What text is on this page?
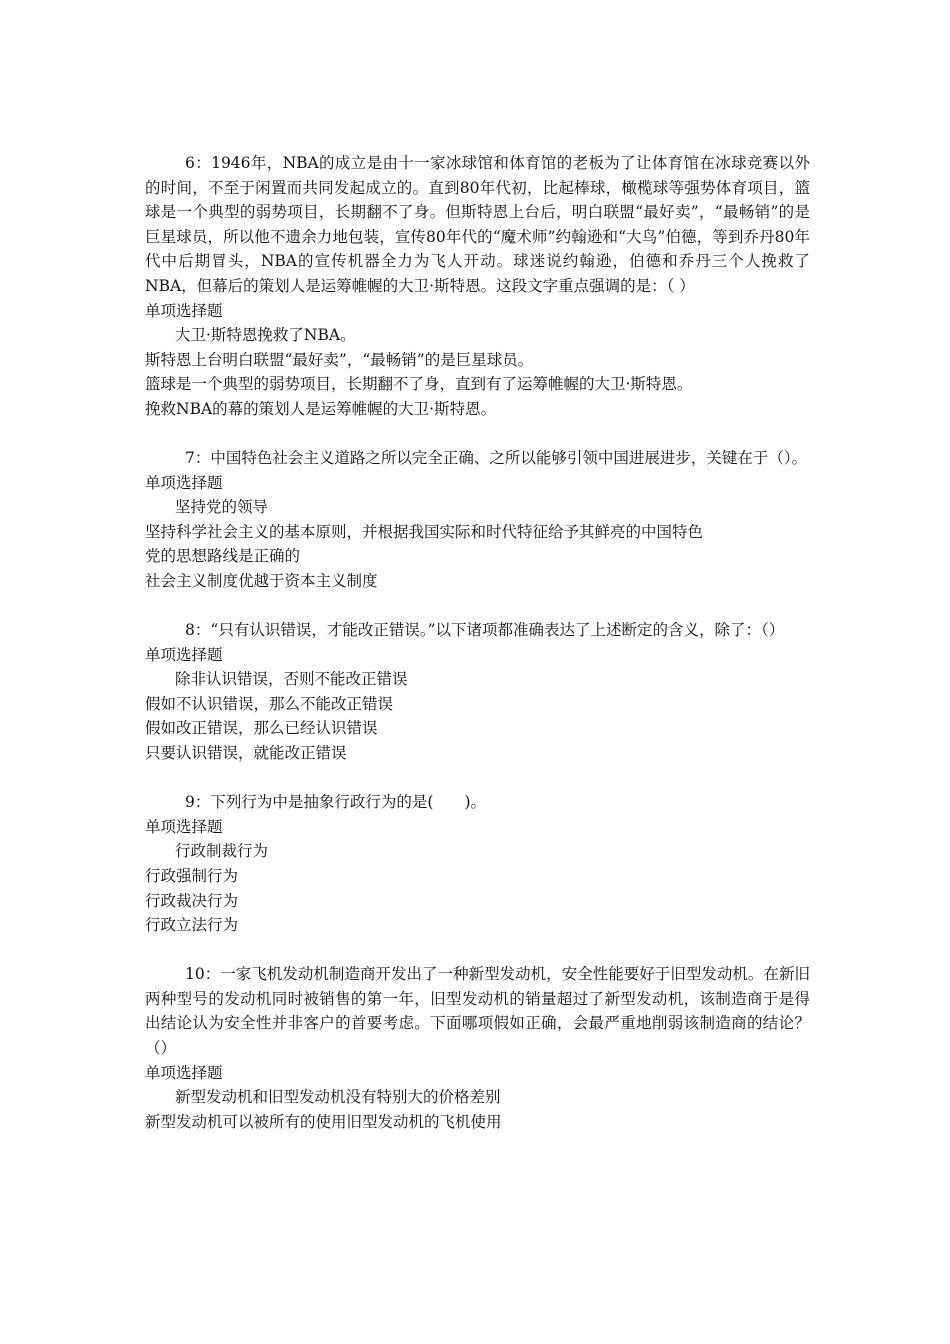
6：1946年，NBA的成立是由十一家冰球馆和体育馆的老板为了让体育馆在冰球竞赛以外的时间，不至于闲置而共同发起成立的。直到80年代初，比起棒球，橄榄球等强势体育项目，篮球是一个典型的弱势项目，长期翻不了身。但斯特恩上台后，明白联盟“最好卖”，“最畅销”的是巨星球员，所以他不遗余力地包装，宣传80年代的“魔术师”约翰逊和“大鸟”伯德，等到乔丹80年代中后期冒头，NBA的宣传机器全力为飞人开动。球迷说约翰逊，伯德和乔丹三个人挽救了NBA，但幕后的策划人是运筹帷幄的大卫·斯特恩。这段文字重点强调的是：（ ）
单项选择题
大卫·斯特恩挽救了NBA。
斯特恩上台明白联盟“最好卖”，“最畅销”的是巨星球员。
篮球是一个典型的弱势项目，长期翻不了身，直到有了运筹帷幄的大卫·斯特恩。
挽救NBA的幕的策划人是运筹帷幄的大卫·斯特恩。
7：中国特色社会主义道路之所以完全正确、之所以能够引领中国进展进步，关键在于（）。
单项选择题
坚持党的领导
坚持科学社会主义的基本原则，并根据我国实际和时代特征给予其鲜亮的中国特色
党的思想路线是正确的
社会主义制度优越于资本主义制度
8：“只有认识错误，才能改正错误。”以下诸项都准确表达了上述断定的含义，除了：（）
单项选择题
除非认识错误，否则不能改正错误
假如不认识错误，那么不能改正错误
假如改正错误，那么已经认识错误
只要认识错误，就能改正错误
9：下列行为中是抽象行政行为的是(　　)。
单项选择题
行政制裁行为
行政强制行为
行政裁决行为
行政立法行为
10：一家飞机发动机制造商开发出了一种新型发动机，安全性能要好于旧型发动机。在新旧两种型号的发动机同时被销售的第一年，旧型发动机的销量超过了新型发动机，该制造商于是得出结论认为安全性并非客户的首要考虑。下面哪项假如正确，会最严重地削弱该制造商的结论？（）
单项选择题
新型发动机和旧型发动机没有特别大的价格差别
新型发动机可以被所有的使用旧型发动机的飞机使用
